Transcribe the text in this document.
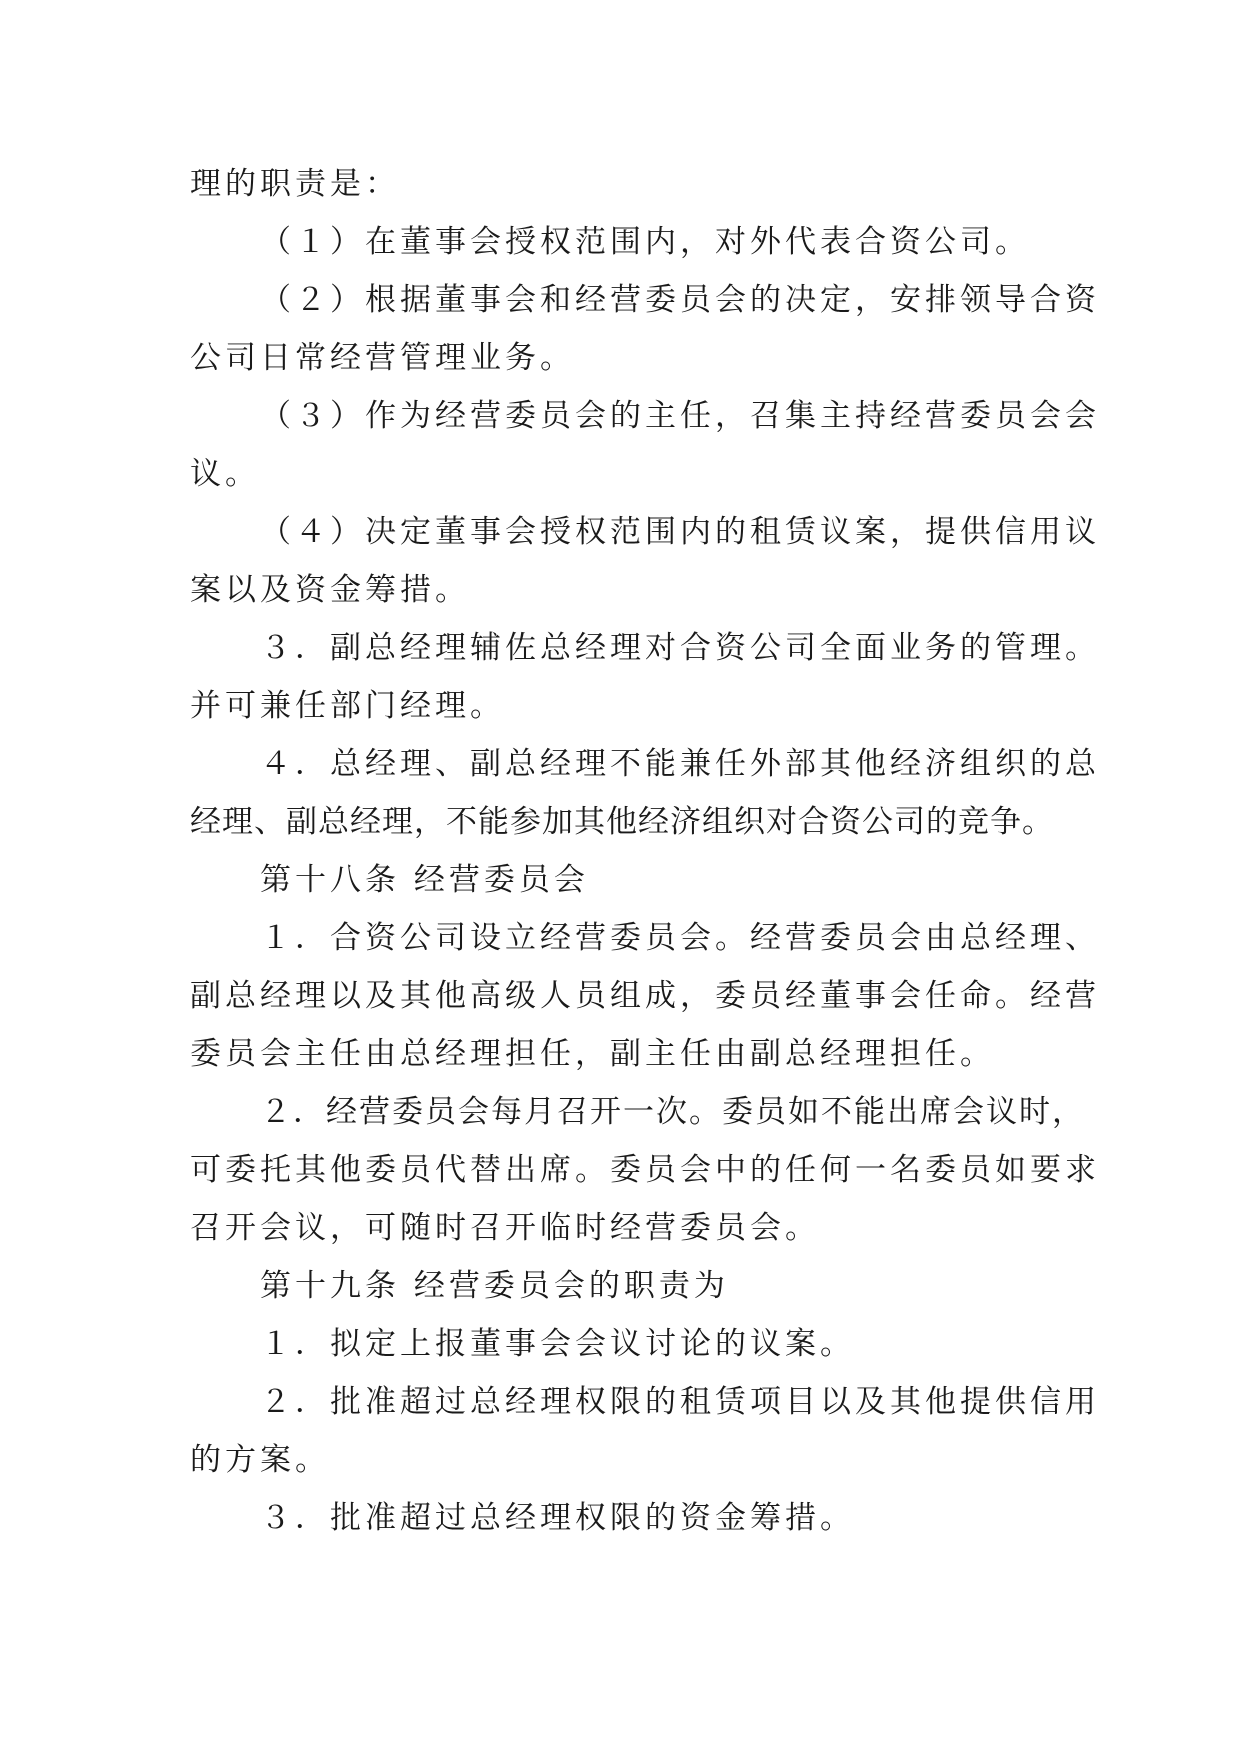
理的职责是：
（１）在董事会授权范围内，对外代表合资公司。
（２）根据董事会和经营委员会的决定，安排领导合资
公司日常经营管理业务。
（３）作为经营委员会的主任，召集主持经营委员会会
议。
（４）决定董事会授权范围内的租赁议案，提供信用议
案以及资金筹措。
３．副总经理辅佐总经理对合资公司全面业务的管理。
并可兼任部门经理。
４．总经理、副总经理不能兼任外部其他经济组织的总
经理、副总经理，不能参加其他经济组织对合资公司的竞争。
第十八条 经营委员会
１．合资公司设立经营委员会。经营委员会由总经理、
副总经理以及其他高级人员组成，委员经董事会任命。经营
委员会主任由总经理担任，副主任由副总经理担任。
２．经营委员会每月召开一次。委员如不能出席会议时，
可委托其他委员代替出席。委员会中的任何一名委员如要求
召开会议，可随时召开临时经营委员会。
第十九条 经营委员会的职责为
１．拟定上报董事会会议讨论的议案。
２．批准超过总经理权限的租赁项目以及其他提供信用
的方案。
３．批准超过总经理权限的资金筹措。
